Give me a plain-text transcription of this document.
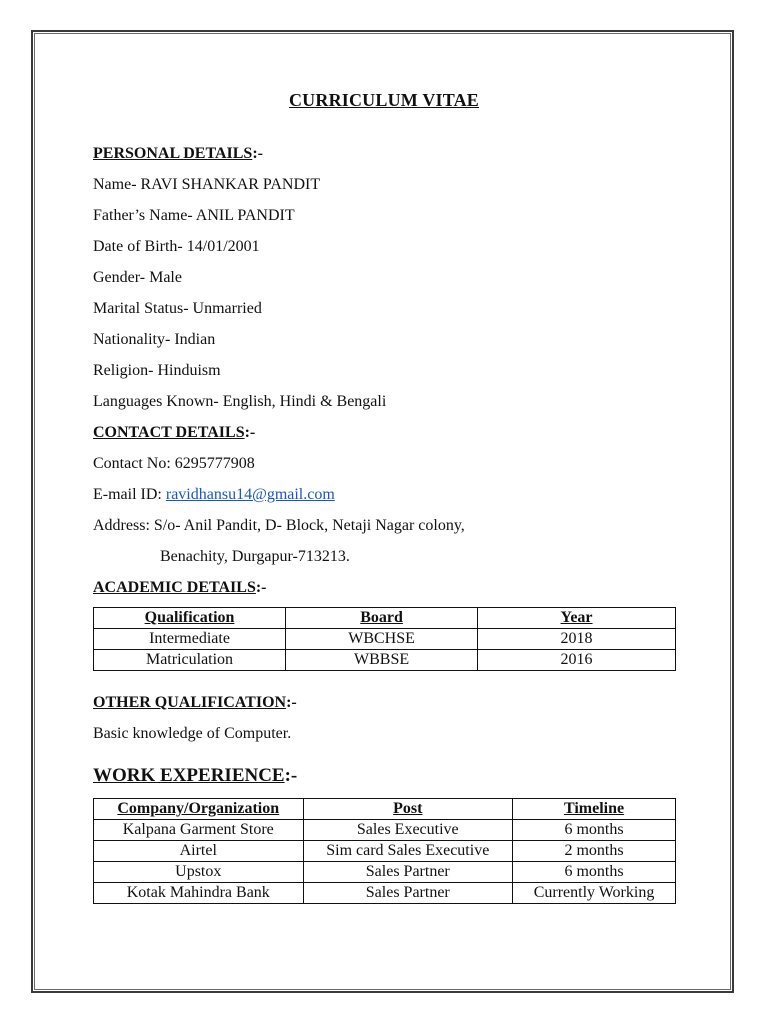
CURRICULUM VITAE
PERSONAL DETAILS:-
Name- RAVI SHANKAR PANDIT
Father’s Name- ANIL PANDIT
Date of Birth- 14/01/2001
Gender- Male
Marital Status- Unmarried
Nationality- Indian
Religion- Hinduism
Languages Known- English, Hindi & Bengali
CONTACT DETAILS:-
Contact No: 6295777908
E-mail ID: ravidhansu14@gmail.com
Address: S/o- Anil Pandit, D- Block, Netaji Nagar colony,
Benachity, Durgapur-713213.
ACADEMIC DETAILS:-
Qualification	Board	Year
Intermediate	WBCHSE	2018
Matriculation	WBBSE	2016
OTHER QUALIFICATION:-
Basic knowledge of Computer.
WORK EXPERIENCE:-
Company/Organization	Post	Timeline
Kalpana Garment Store	Sales Executive	6 months
Airtel	Sim card Sales Executive	2 months
Upstox	Sales Partner	6 months
Kotak Mahindra Bank	Sales Partner	Currently Working
